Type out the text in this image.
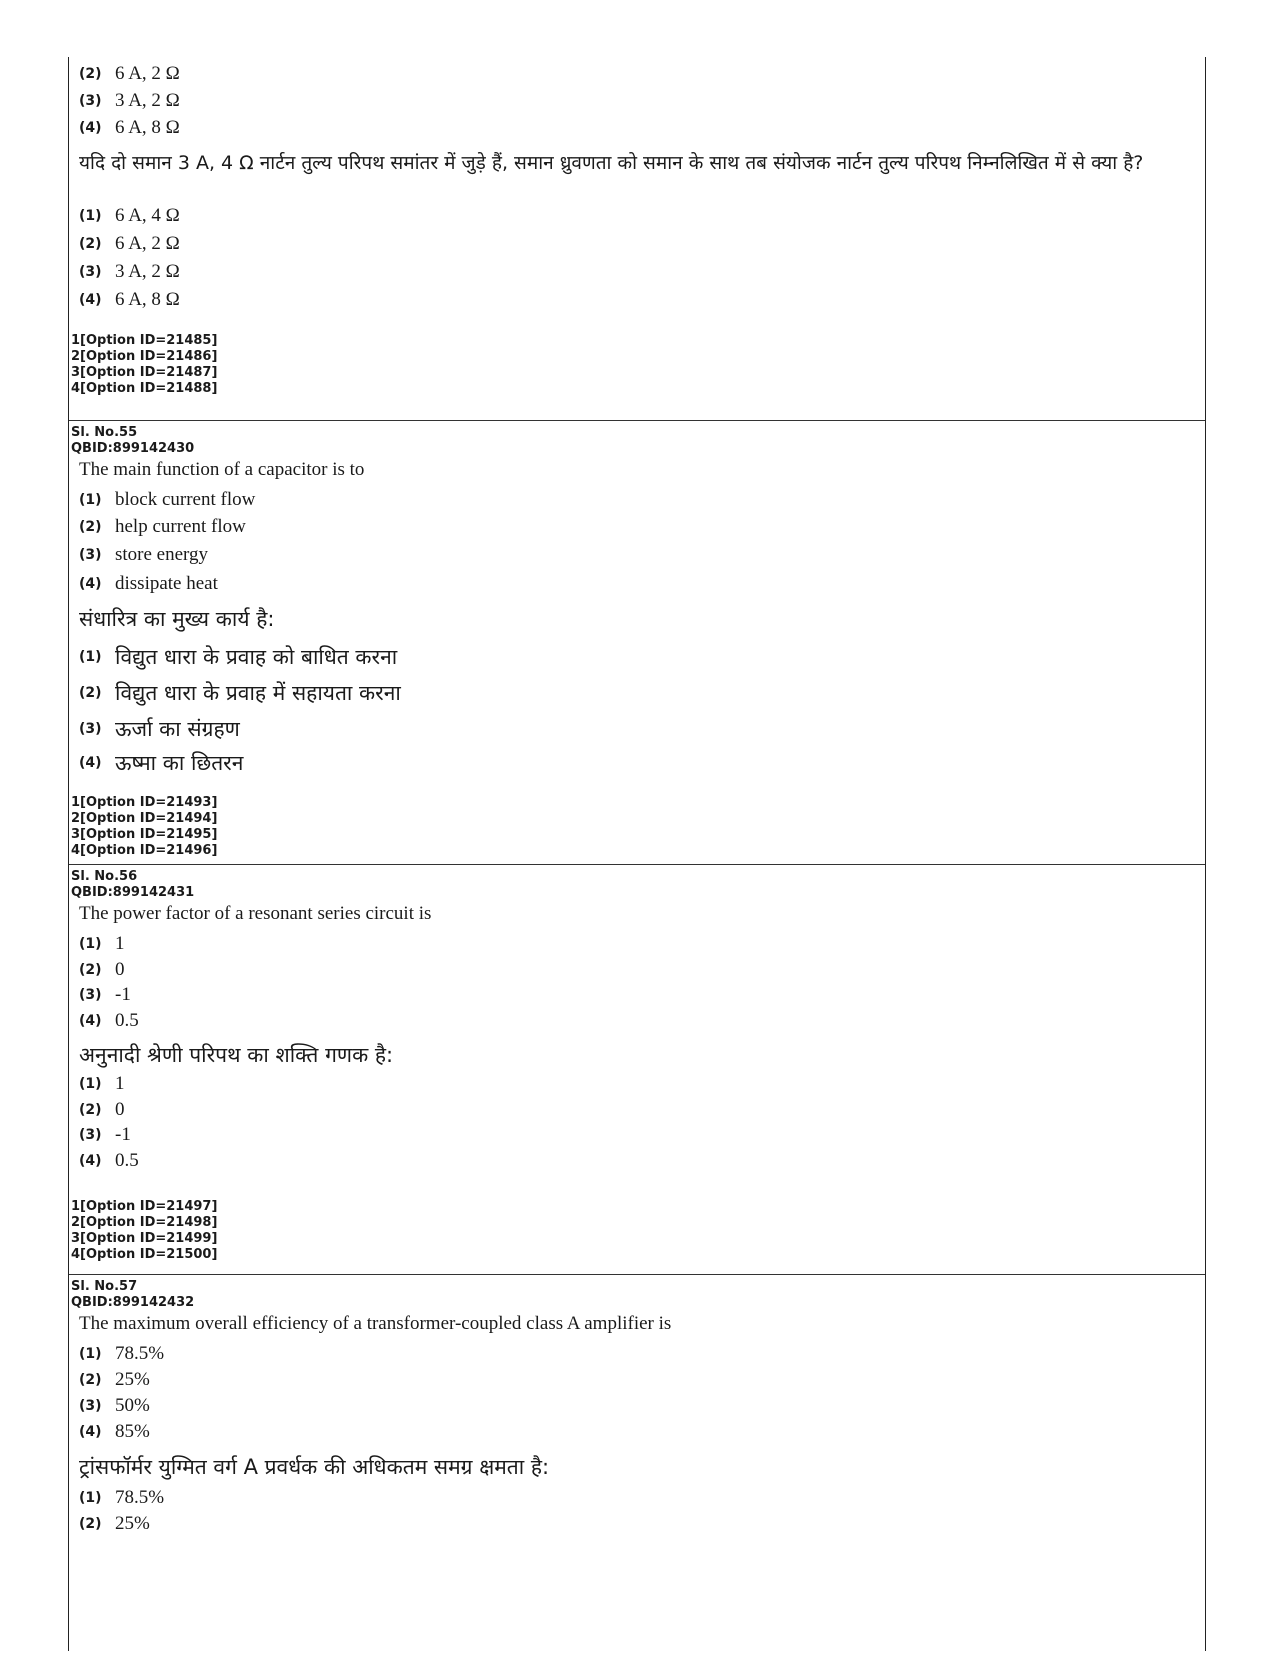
(2) 6 A, 2 Ω
(3) 3 A, 2 Ω
(4) 6 A, 8 Ω
यदि दो समान 3 A, 4 Ω नार्टन तुल्य परिपथ समांतर में जुड़े हैं, समान ध्रुवणता को समान के साथ तब संयोजक नार्टन तुल्य परिपथ निम्नलिखित में से क्या है?
(1) 6 A, 4 Ω
(2) 6 A, 2 Ω
(3) 3 A, 2 Ω
(4) 6 A, 8 Ω
1[Option ID=21485]
2[Option ID=21486]
3[Option ID=21487]
4[Option ID=21488]
Sl. No.55
QBID:899142430
The main function of a capacitor is to
(1) block current flow
(2) help current flow
(3) store energy
(4) dissipate heat
संधारित्र का मुख्य कार्य है:
(1) विद्युत धारा के प्रवाह को बाधित करना
(2) विद्युत धारा के प्रवाह में सहायता करना
(3) ऊर्जा का संग्रहण
(4) ऊष्मा का छितरन
1[Option ID=21493]
2[Option ID=21494]
3[Option ID=21495]
4[Option ID=21496]
Sl. No.56
QBID:899142431
The power factor of a resonant series circuit is
(1) 1
(2) 0
(3) -1
(4) 0.5
अनुनादी श्रेणी परिपथ का शक्ति गणक है:
(1) 1
(2) 0
(3) -1
(4) 0.5
1[Option ID=21497]
2[Option ID=21498]
3[Option ID=21499]
4[Option ID=21500]
Sl. No.57
QBID:899142432
The maximum overall efficiency of a transformer-coupled class A amplifier is
(1) 78.5%
(2) 25%
(3) 50%
(4) 85%
ट्रांसफॉर्मर युग्मित वर्ग A प्रवर्धक की अधिकतम समग्र क्षमता है:
(1) 78.5%
(2) 25%
